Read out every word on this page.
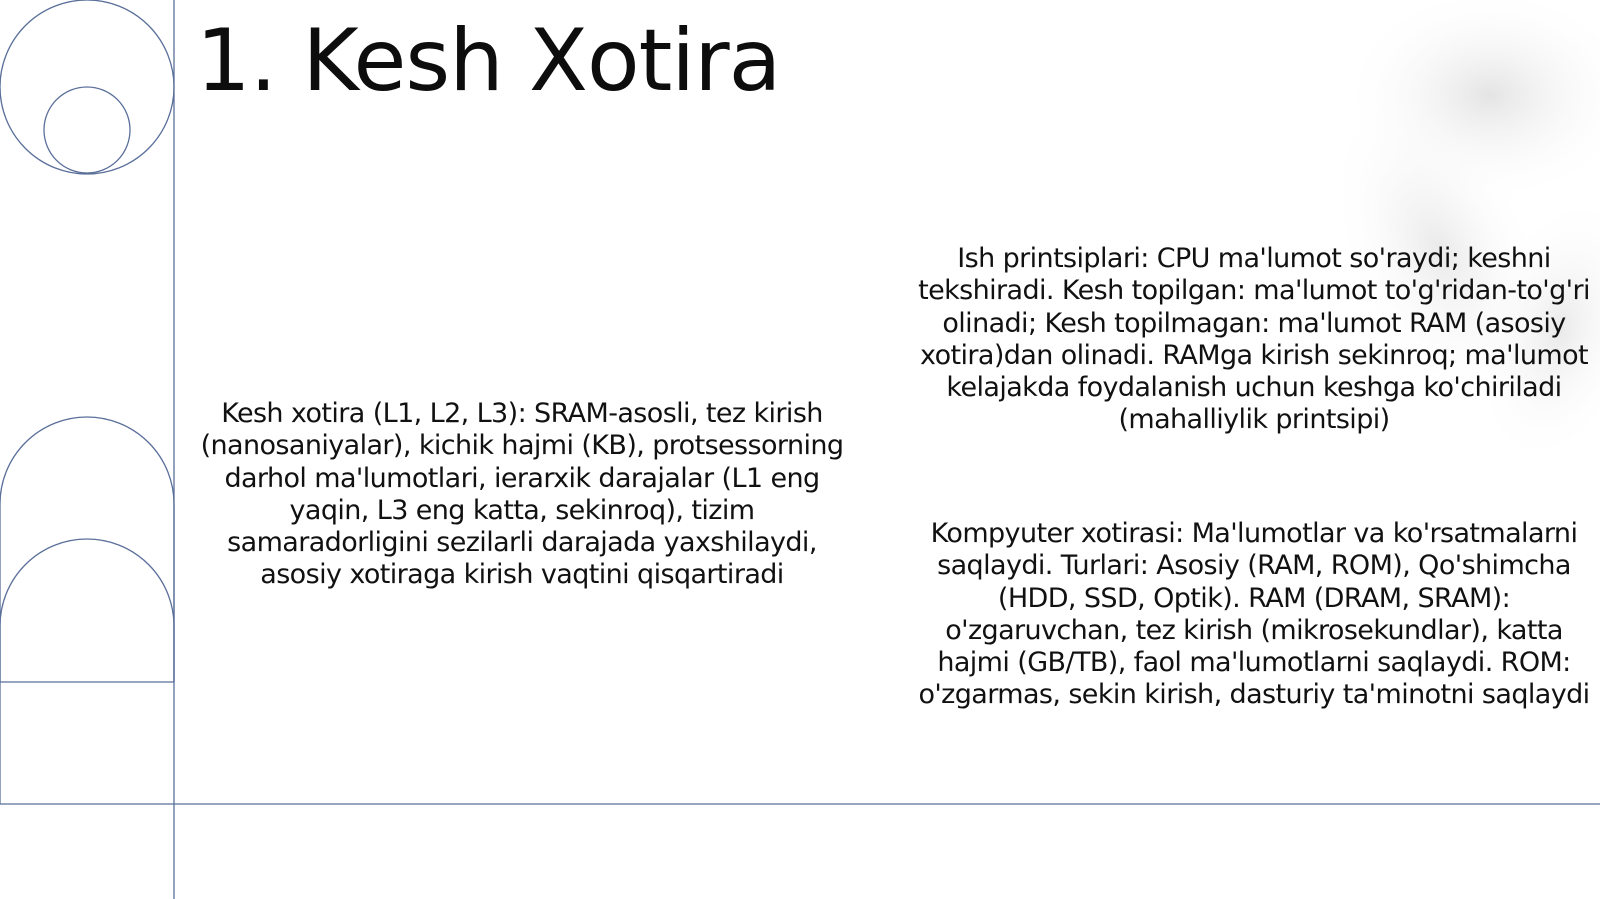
1. Kesh Xotira

Kesh xotira (L1, L2, L3): SRAM-asosli, tez kirish (nanosaniyalar), kichik hajmi (KB), protsessorning darhol ma'lumotlari, ierarxik darajalar (L1 eng yaqin, L3 eng katta, sekinroq), tizim samaradorligini sezilarli darajada yaxshilaydi, asosiy xotiraga kirish vaqtini qisqartiradi

Ish printsiplari: CPU ma'lumot so'raydi; keshni tekshiradi. Kesh topilgan: ma'lumot to'g'ridan-to'g'ri olinadi; Kesh topilmagan: ma'lumot RAM (asosiy xotira)dan olinadi. RAMga kirish sekinroq; ma'lumot kelajakda foydalanish uchun keshga ko'chiriladi (mahalliylik printsipi)

Kompyuter xotirasi: Ma'lumotlar va ko'rsatmalarni saqlaydi. Turlari: Asosiy (RAM, ROM), Qo'shimcha (HDD, SSD, Optik). RAM (DRAM, SRAM): o'zgaruvchan, tez kirish (mikrosekundlar), katta hajmi (GB/TB), faol ma'lumotlarni saqlaydi. ROM: o'zgarmas, sekin kirish, dasturiy ta'minotni saqlaydi
